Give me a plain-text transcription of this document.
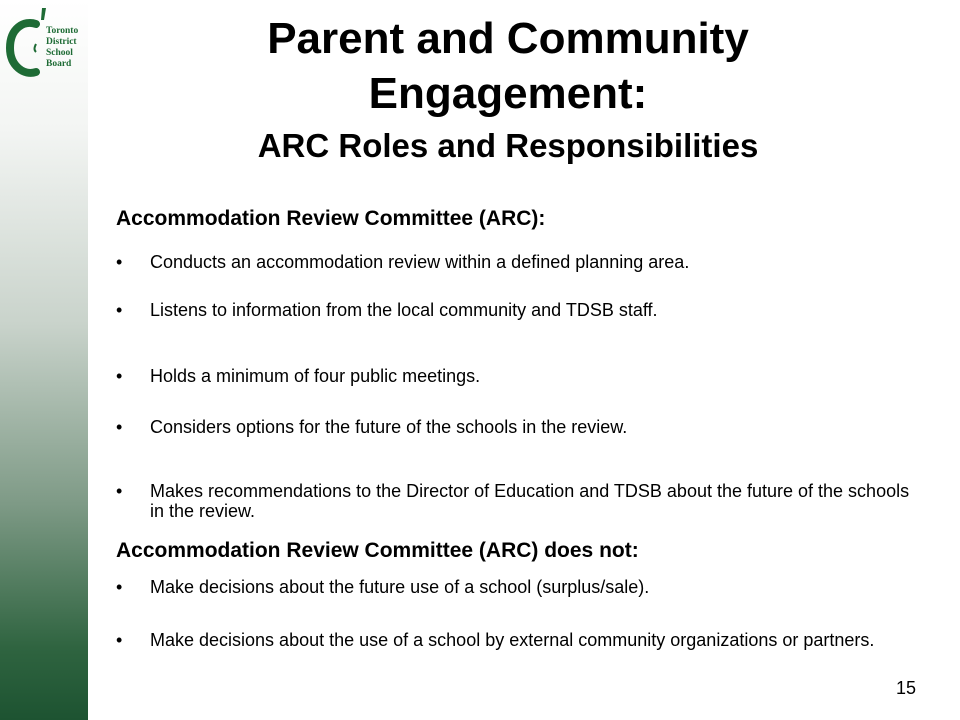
Toronto
District
School
Board
Parent and Community
Engagement:
ARC Roles and Responsibilities
Accommodation Review Committee (ARC):
• Conducts an accommodation review within a defined planning area.
• Listens to information from the local community and TDSB staff.
• Holds a minimum of four public meetings.
• Considers options for the future of the schools in the review.
• Makes recommendations to the Director of Education and TDSB about the future of the schools in the review.
Accommodation Review Committee (ARC) does not:
• Make decisions about the future use of a school (surplus/sale).
• Make decisions about the use of a school by external community organizations or partners.
15
